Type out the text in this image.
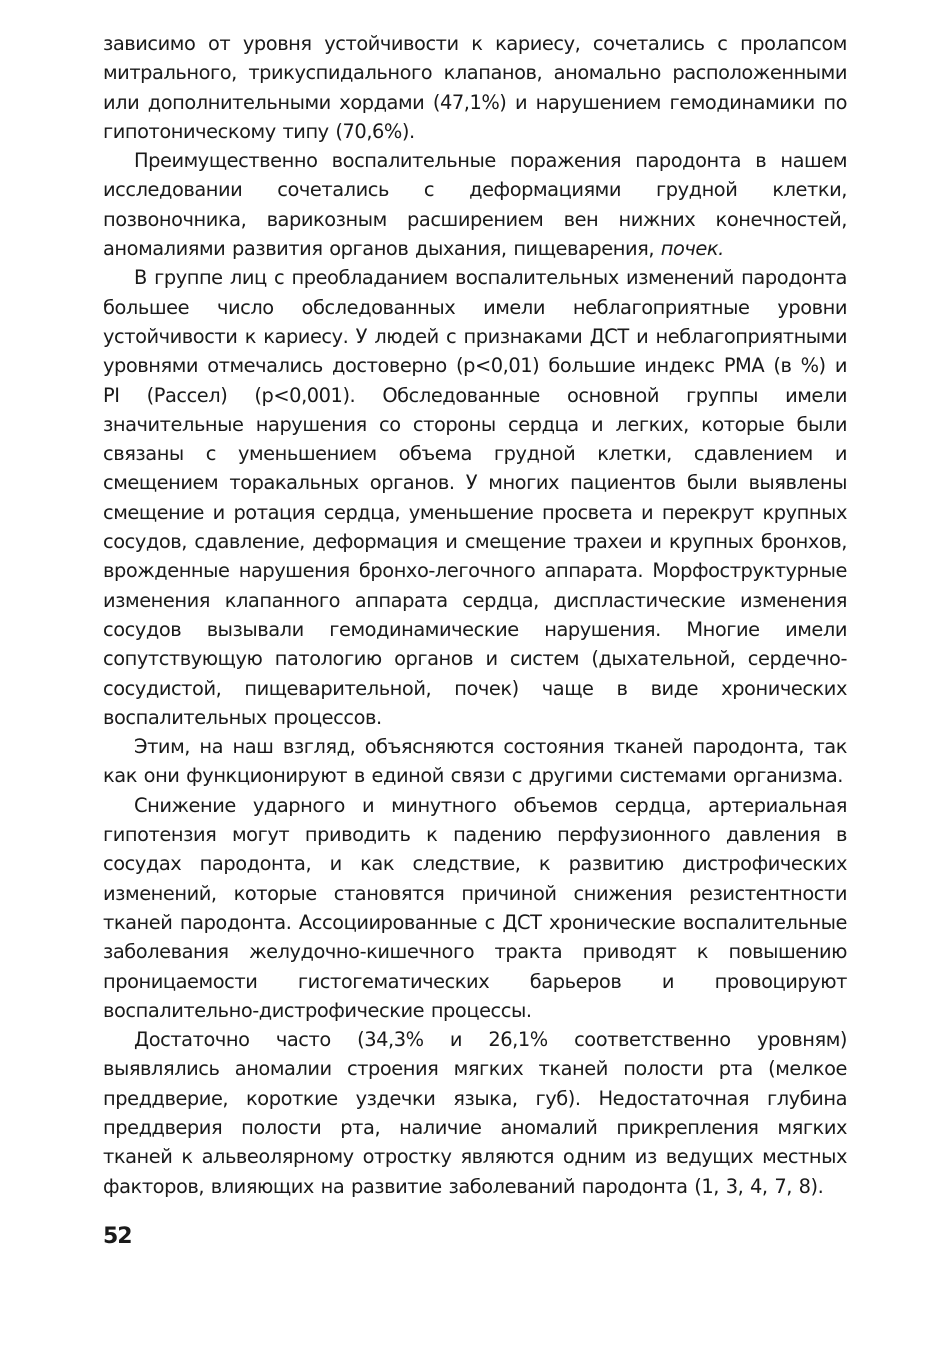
зависимо от уровня устойчивости к кариесу, сочетались с пролапсом митрального, трикуспидального клапанов, аномально расположенными или дополнительными хордами (47,1%) и нарушением гемодинамики по гипотоническому типу (70,6%).

Преимущественно воспалительные поражения пародонта в нашем исследовании сочетались с деформациями грудной клетки, позвоночника, варикозным расширением вен нижних конечностей, аномалиями развития органов дыхания, пищеварения, почек.

В группе лиц с преобладанием воспалительных изменений пародонта большее число обследованных имели неблагоприятные уровни устойчивости к кариесу. У людей с признаками ДСТ и неблагоприятными уровнями отмечались достоверно (p<0,01) большие индекс РМА (в %) и PI (Рассел) (p<0,001). Обследованные основной группы имели значительные нарушения со стороны сердца и легких, которые были связаны с уменьшением объема грудной клетки, сдавлением и смещением торакальных органов. У многих пациентов были выявлены смещение и ротация сердца, уменьшение просвета и перекрут крупных сосудов, сдавление, деформация и смещение трахеи и крупных бронхов, врожденные нарушения бронхо-легочного аппарата. Морфоструктурные изменения клапанного аппарата сердца, диспластические изменения сосудов вызывали гемодинамические нарушения. Многие имели сопутствующую патологию органов и систем (дыхательной, сердечно-сосудистой, пищеварительной, почек) чаще в виде хронических воспалительных процессов.

Этим, на наш взгляд, объясняются состояния тканей пародонта, так как они функционируют в единой связи с другими системами организма.

Снижение ударного и минутного объемов сердца, артериальная гипотензия могут приводить к падению перфузионного давления в сосудах пародонта, и как следствие, к развитию дистрофических изменений, которые становятся причиной снижения резистентности тканей пародонта. Ассоциированные с ДСТ хронические воспалительные заболевания желудочно-кишечного тракта приводят к повышению проницаемости гистогематических барьеров и провоцируют воспалительно-дистрофические процессы.

Достаточно часто (34,3% и 26,1% соответственно уровням) выявлялись аномалии строения мягких тканей полости рта (мелкое преддверие, короткие уздечки языка, губ). Недостаточная глубина преддверия полости рта, наличие аномалий прикрепления мягких тканей к альвеолярному отростку являются одним из ведущих местных факторов, влияющих на развитие заболеваний пародонта (1, 3, 4, 7, 8).

52
